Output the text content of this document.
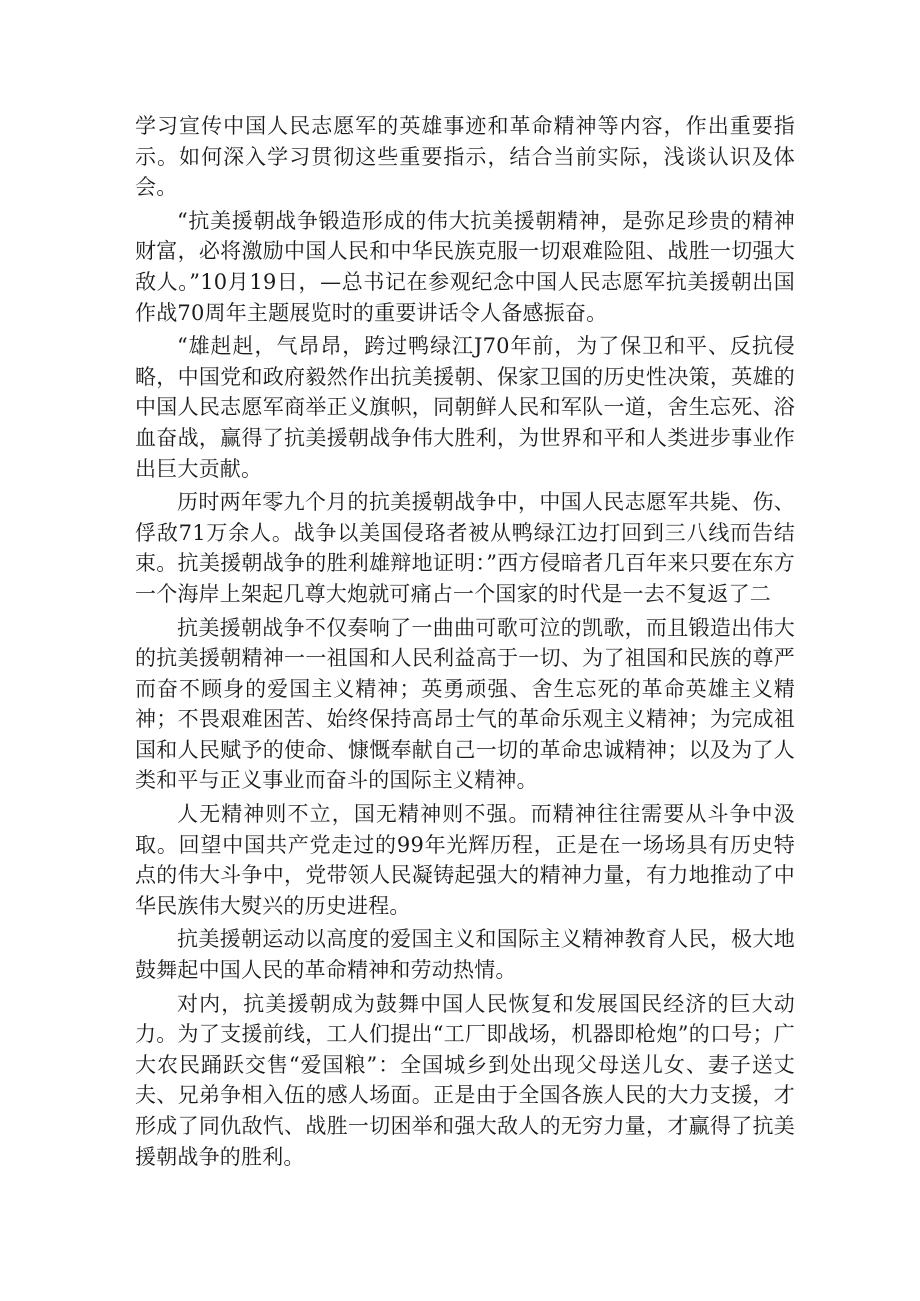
学习宣传中国人民志愿军的英雄事迹和革命精神等内容，作出重要指示。如何深入学习贯彻这些重要指示，结合当前实际，浅谈认识及体会。

“抗美援朝战争锻造形成的伟大抗美援朝精神，是弥足珍贵的精神财富，必将激励中国人民和中华民族克服一切艰难险阻、战胜一切强大敌人。”10月19日，—总书记在参观纪念中国人民志愿军抗美援朝出国作战70周年主题展览时的重要讲话令人备感振奋。

“雄赳赳，气昂昂，跨过鸭绿江J70年前，为了保卫和平、反抗侵略，中国党和政府毅然作出抗美援朝、保家卫国的历史性决策，英雄的中国人民志愿军商举正义旗帜，同朝鲜人民和军队一道，舍生忘死、浴血奋战，赢得了抗美援朝战争伟大胜利，为世界和平和人类进步事业作出巨大贡献。

历时两年零九个月的抗美援朝战争中，中国人民志愿军共毙、伤、俘敌71万余人。战争以美国侵珞者被从鸭绿江边打回到三八线而告结束。抗美援朝战争的胜利雄辩地证明：”西方侵暗者几百年来只要在东方一个海岸上架起几尊大炮就可痛占一个国家的时代是一去不复返了二

抗美援朝战争不仅奏响了一曲曲可歌可泣的凯歌，而且锻造出伟大的抗美援朝精神一一祖国和人民利益高于一切、为了祖国和民族的尊严而奋不顾身的爱国主义精神；英勇顽强、舍生忘死的革命英雄主义精神；不畏艰难困苦、始终保持高昂士气的革命乐观主义精神；为完成祖国和人民赋予的使命、慷慨奉献自己一切的革命忠诚精神；以及为了人类和平与正义事业而奋斗的国际主义精神。

人无精神则不立，国无精神则不强。而精神往往需要从斗争中汲取。回望中国共产党走过的99年光辉历程，正是在一场场具有历史特点的伟大斗争中，党带领人民凝铸起强大的精神力量，有力地推动了中华民族伟大熨兴的历史进程。

抗美援朝运动以高度的爱国主义和国际主义精神教育人民，极大地鼓舞起中国人民的革命精神和劳动热情。

对内，抗美援朝成为鼓舞中国人民恢复和发展国民经济的巨大动力。为了支援前线，工人们提出“工厂即战场，机器即枪炮”的口号；广大农民踊跃交售“爱国粮”：全国城乡到处出现父母送儿女、妻子送丈夫、兄弟争相入伍的感人场面。正是由于全国各族人民的大力支援，才形成了同仇敌忾、战胜一切困举和强大敌人的无穷力量，才赢得了抗美援朝战争的胜利。
